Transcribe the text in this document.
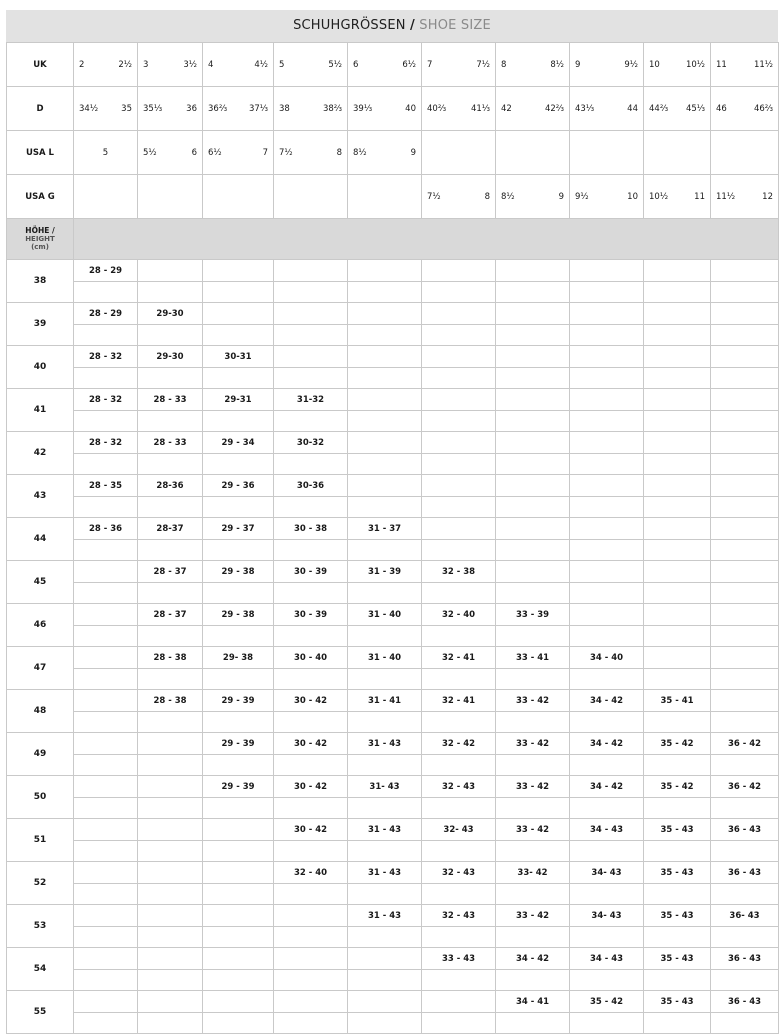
SCHUHGRÖSSEN / SHOE SIZE
UK	2 2½	3 3½	4 4½	5 5½	6 6½	7 7½	8 8½	9 9½	10 10½	11 11½

D	34½ 35	35⅓ 36	36⅔ 37⅓	38 38⅔	39⅓ 40	40⅔ 41⅓	42 42⅔	43⅓ 44	44⅔ 45⅓	46 46⅔

USA L	5	5½ 6	6½ 7	7½ 8	8½ 9					

USA G						7½ 8	8½ 9	9½ 10	10½ 11	11½ 12

HÖHE /
HEIGHT
(cm)										

38	28 - 29									

39	28 - 29	29-30								

40	28 - 32	29-30	30-31							

41	28 - 32	28 - 33	29-31	31-32						

42	28 - 32	28 - 33	29 - 34	30-32						

43	28 - 35	28-36	29 - 36	30-36						

44	28 - 36	28-37	29 - 37	30 - 38	31 - 37					

45		28 - 37	29 - 38	30 - 39	31 - 39	32 - 38				

46		28 - 37	29 - 38	30 - 39	31 - 40	32 - 40	33 - 39			

47		28 - 38	29- 38	30 - 40	31 - 40	32 - 41	33 - 41	34 - 40		

48		28 - 38	29 - 39	30 - 42	31 - 41	32 - 41	33 - 42	34 - 42	35 - 41	

49			29 - 39	30 - 42	31 - 43	32 - 42	33 - 42	34 - 42	35 - 42	36 - 42

50			29 - 39	30 - 42	31- 43	32 - 43	33 - 42	34 - 42	35 - 42	36 - 42

51				30 - 42	31 - 43	32- 43	33 - 42	34 - 43	35 - 43	36 - 43

52				32 - 40	31 - 43	32 - 43	33- 42	34- 43	35 - 43	36 - 43

53					31 - 43	32 - 43	33 - 42	34- 43	35 - 43	36- 43

54						33 - 43	34 - 42	34 - 43	35 - 43	36 - 43

55							34 - 41	35 - 42	35 - 43	36 - 43
